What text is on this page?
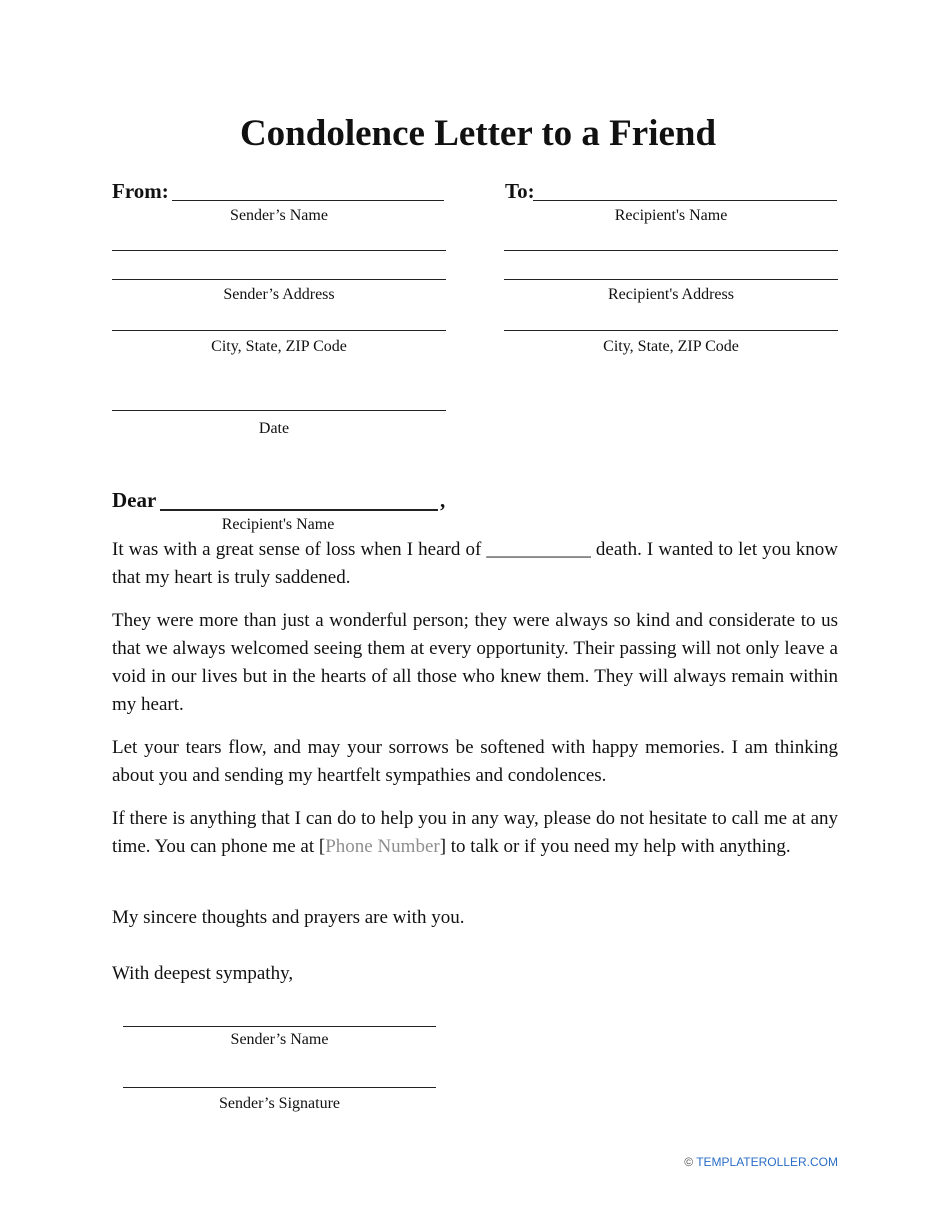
Condolence Letter to a Friend
From:
Sender’s Name
Sender’s Address
City, State, ZIP Code
Date
To:
Recipient's Name
Recipient's Address
City, State, ZIP Code
Dear	,
Recipient's Name
It was with a great sense of loss when I heard of ___________ death. I wanted to let you know that my heart is truly saddened.
They were more than just a wonderful person; they were always so kind and considerate to us that we always welcomed seeing them at every opportunity. Their passing will not only leave a void in our lives but in the hearts of all those who knew them. They will always remain within my heart.
Let your tears flow, and may your sorrows be softened with happy memories. I am thinking about you and sending my heartfelt sympathies and condolences.
If there is anything that I can do to help you in any way, please do not hesitate to call me at any time. You can phone me at [Phone Number] to talk or if you need my help with anything.
My sincere thoughts and prayers are with you.
With deepest sympathy,
Sender’s Name
Sender’s Signature
© TEMPLATEROLLER.COM
